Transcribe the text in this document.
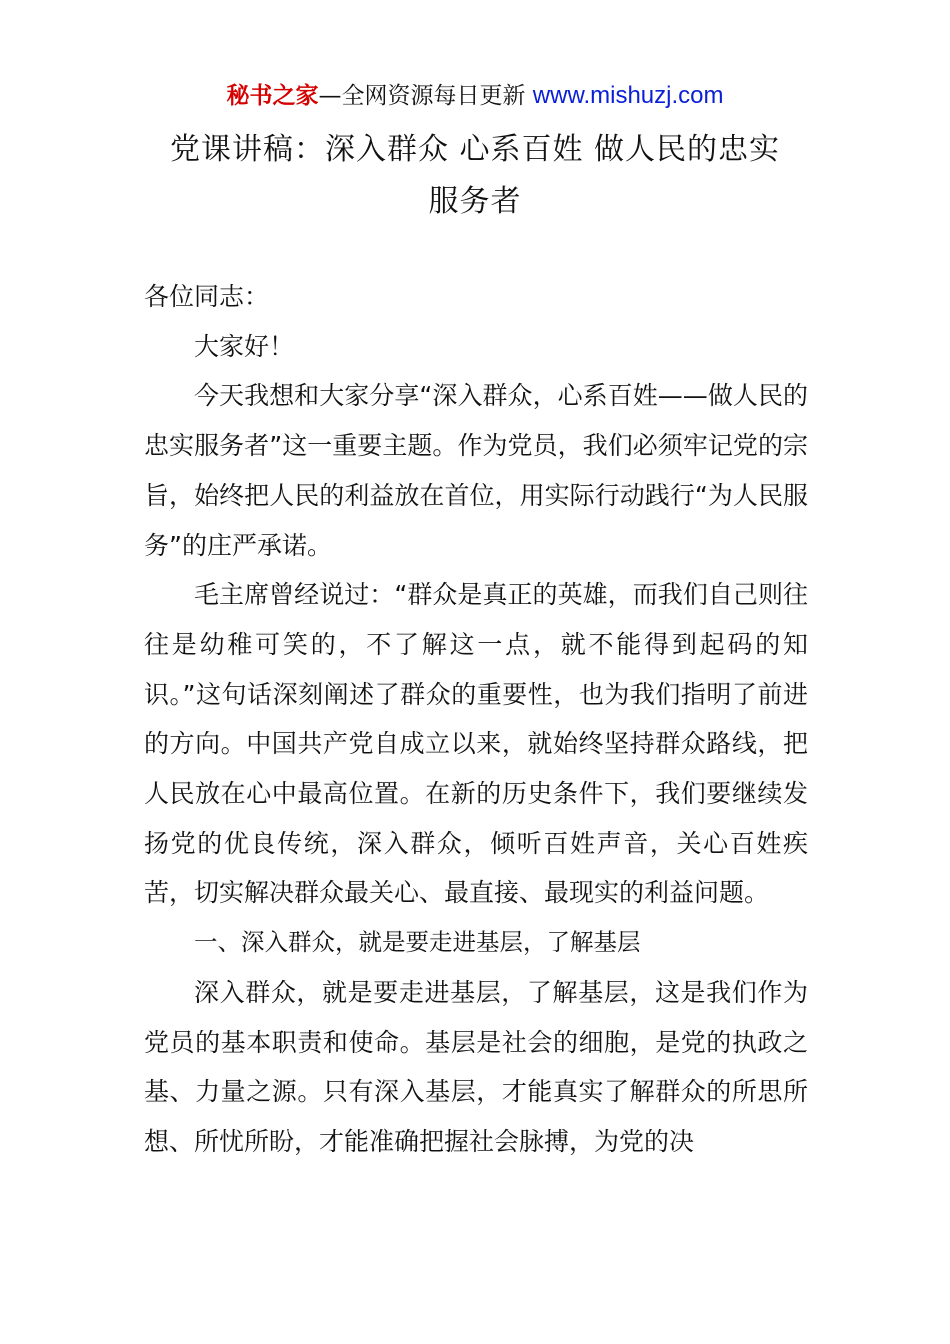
秘书之家—全网资源每日更新 www.mishuzj.com
党课讲稿：深入群众 心系百姓 做人民的忠实
服务者

各位同志：

大家好！

今天我想和大家分享“深入群众，心系百姓——做人民的忠实服务者”这一重要主题。作为党员，我们必须牢记党的宗旨，始终把人民的利益放在首位，用实际行动践行“为人民服务”的庄严承诺。

毛主席曾经说过：“群众是真正的英雄，而我们自己则往往是幼稚可笑的，不了解这一点，就不能得到起码的知识。”这句话深刻阐述了群众的重要性，也为我们指明了前进的方向。中国共产党自成立以来，就始终坚持群众路线，把人民放在心中最高位置。在新的历史条件下，我们要继续发扬党的优良传统，深入群众，倾听百姓声音，关心百姓疾苦，切实解决群众最关心、最直接、最现实的利益问题。

一、深入群众，就是要走进基层，了解基层

深入群众，就是要走进基层，了解基层，这是我们作为党员的基本职责和使命。基层是社会的细胞，是党的执政之基、力量之源。只有深入基层，才能真实了解群众的所思所想、所忧所盼，才能准确把握社会脉搏，为党的决
